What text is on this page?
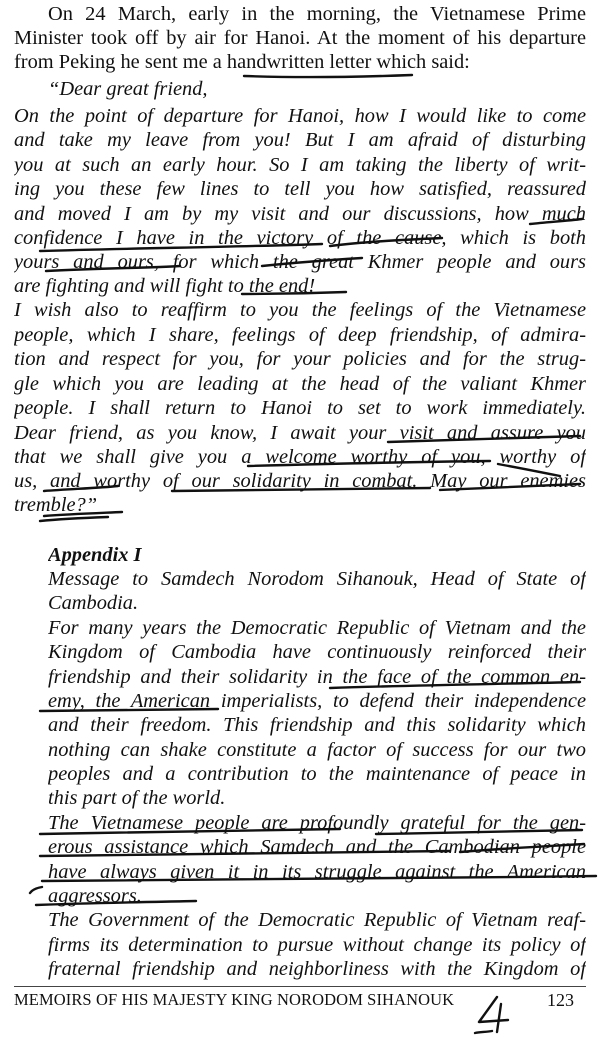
On 24 March, early in the morning, the Vietnamese Prime
Minister took off by air for Hanoi. At the moment of his departure
from Peking he sent me a handwritten letter which said:
“Dear great friend,
On the point of departure for Hanoi, how I would like to come
and take my leave from you! But I am afraid of disturbing
you at such an early hour. So I am taking the liberty of writ-
ing you these few lines to tell you how satisfied, reassured
and moved I am by my visit and our discussions, how much
confidence I have in the victory of the cause, which is both
yours and ours, for which the great Khmer people and ours
are fighting and will fight to the end!
I wish also to reaffirm to you the feelings of the Vietnamese
people, which I share, feelings of deep friendship, of admira-
tion and respect for you, for your policies and for the strug-
gle which you are leading at the head of the valiant Khmer
people. I shall return to Hanoi to set to work immediately.
Dear friend, as you know, I await your visit and assure you
that we shall give you a welcome worthy of you, worthy of
us, and worthy of our solidarity in combat. May our enemies
tremble?”
Appendix I
Message to Samdech Norodom Sihanouk, Head of State of
Cambodia.
For many years the Democratic Republic of Vietnam and the
Kingdom of Cambodia have continuously reinforced their
friendship and their solidarity in the face of the common en-
emy, the American imperialists, to defend their independence
and their freedom. This friendship and this solidarity which
nothing can shake constitute a factor of success for our two
peoples and a contribution to the maintenance of peace in
this part of the world.
The Vietnamese people are profoundly grateful for the gen-
erous assistance which Samdech and the Cambodian people
have always given it in its struggle against the American
aggressors.
The Government of the Democratic Republic of Vietnam reaf-
firms its determination to pursue without change its policy of
fraternal friendship and neighborliness with the Kingdom of
MEMOIRS OF HIS MAJESTY KING NORODOM SIHANOUK	123
